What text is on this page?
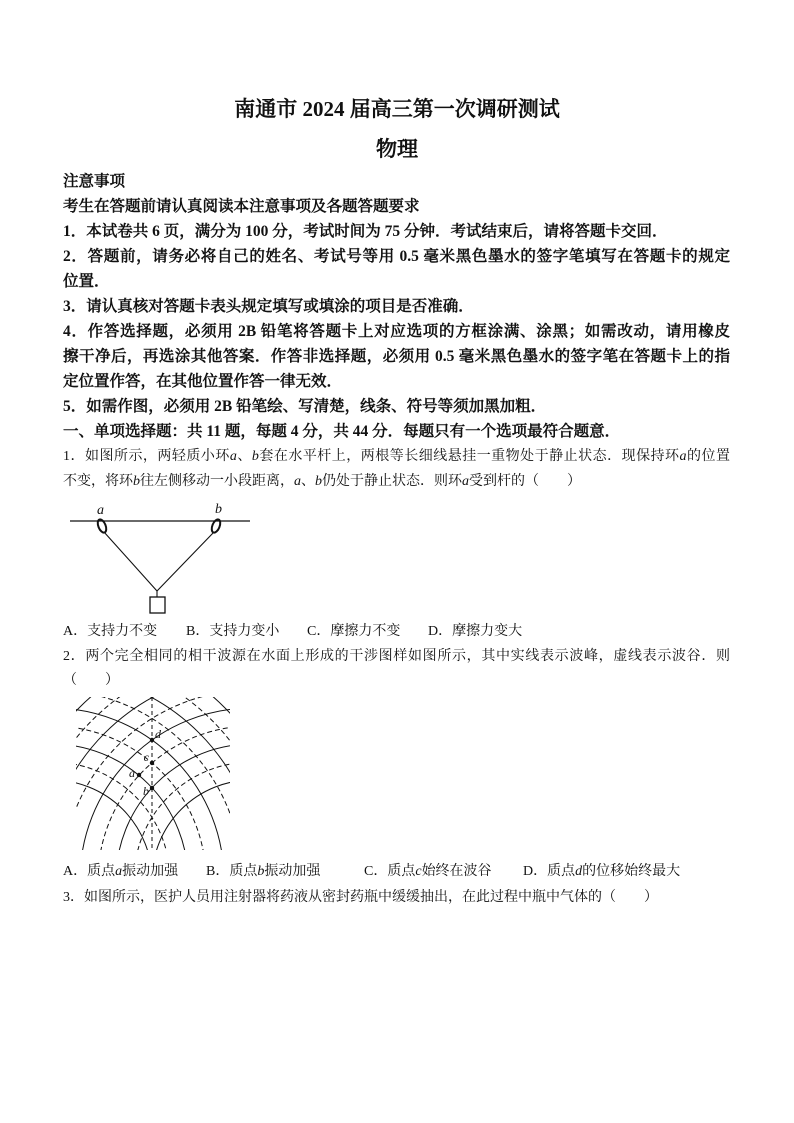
南通市 2024 届高三第一次调研测试
物理
注意事项
考生在答题前请认真阅读本注意事项及各题答题要求
1．本试卷共 6 页，满分为 100 分，考试时间为 75 分钟．考试结束后，请将答题卡交回．
2．答题前，请务必将自己的姓名、考试号等用 0.5 毫米黑色墨水的签字笔填写在答题卡的规定
位置．
3．请认真核对答题卡表头规定填写或填涂的项目是否准确．
4．作答选择题，必须用 2B 铅笔将答题卡上对应选项的方框涂满、涂黑；如需改动，请用橡皮
擦干净后，再选涂其他答案．作答非选择题，必须用 0.5 毫米黑色墨水的签字笔在答题卡上的指
定位置作答，在其他位置作答一律无效．
5．如需作图，必须用 2B 铅笔绘、写清楚，线条、符号等须加黑加粗．
一、单项选择题：共 11 题，每题 4 分，共 44 分．每题只有一个选项最符合题意．
1．如图所示，两轻质小环a、b套在水平杆上，两根等长细线悬挂一重物处于静止状态．现保持环a的位置
不变，将环b往左侧移动一小段距离，a、b仍处于静止状态．则环a受到杆的（　　）
a	b
A．支持力不变 B．支持力变小 C．摩擦力不变 D．摩擦力变大
2．两个完全相同的相干波源在水面上形成的干涉图样如图所示，其中实线表示波峰，虚线表示波谷．则
（　　）
d
c
b
a
A．质点a振动加强 B．质点b振动加强	C．质点c始终在波谷 D．质点d的位移始终最大
3．如图所示，医护人员用注射器将药液从密封药瓶中缓缓抽出，在此过程中瓶中气体的（　　）
